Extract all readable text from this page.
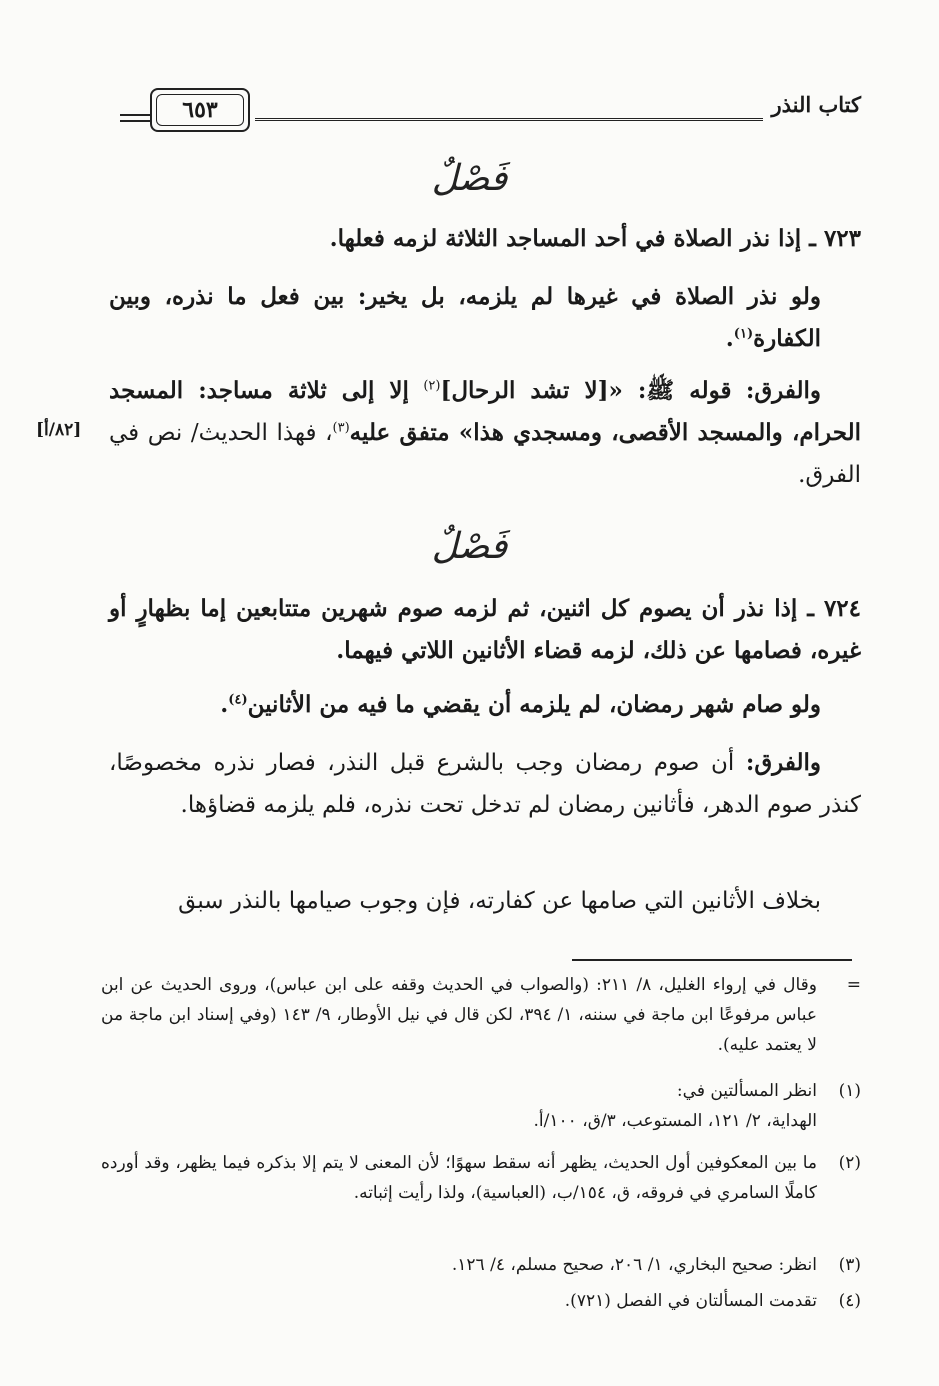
كتاب النذر
٦٥٣
فَصْلٌ
٧٢٣ ـ إذا نذر الصلاة في أحد المساجد الثلاثة لزمه فعلها.
ولو نذر الصلاة في غيرها لم يلزمه، بل يخير: بين فعل ما نذره، وبين الكفارة$^{(١)}$.
والفرق: قوله ﷺ: «[لا تشد الرحال]$^{(٢)}$ إلا إلى ثلاثة مساجد: المسجد الحرام، والمسجد الأقصى، ومسجدي هذا» متفق عليه$^{(٣)}$، فهذا الحديث/ نص في الفرق.
[٨٢/أ]
فَصْلٌ
٧٢٤ ـ إذا نذر أن يصوم كل اثنين، ثم لزمه صوم شهرين متتابعين إما بظهارٍ أو غيره، فصامها عن ذلك، لزمه قضاء الأثانين اللاتي فيهما.
ولو صام شهر رمضان، لم يلزمه أن يقضي ما فيه من الأثانين$^{(٤)}$.
والفرق: أن صوم رمضان وجب بالشرع قبل النذر، فصار نذره مخصوصًا، كنذر صوم الدهر، فأثانين رمضان لم تدخل تحت نذره، فلم يلزمه قضاؤها.
بخلاف الأثانين التي صامها عن كفارته، فإن وجوب صيامها بالنذر سبق
=
وقال في إرواء الغليل، ٨/ ٢١١: (والصواب في الحديث وقفه على ابن عباس)، وروى الحديث عن ابن عباس مرفوعًا ابن ماجة في سننه، ١/ ٣٩٤، لكن قال في نيل الأوطار، ٩/ ١٤٣ (وفي إسناد ابن ماجة من لا يعتمد عليه).
(١)
انظر المسألتين في:
الهداية، ٢/ ١٢١، المستوعب، ٣/ق، ١٠٠/أ.
(٢)
ما بين المعكوفين أول الحديث، يظهر أنه سقط سهوًا؛ لأن المعنى لا يتم إلا بذكره فيما يظهر، وقد أورده كاملًا السامري في فروقه، ق، ١٥٤/ب، (العباسية)، ولذا رأيت إثباته.
(٣)
انظر: صحيح البخاري، ١/ ٢٠٦، صحيح مسلم، ٤/ ١٢٦.
(٤)
تقدمت المسألتان في الفصل (٧٢١).
